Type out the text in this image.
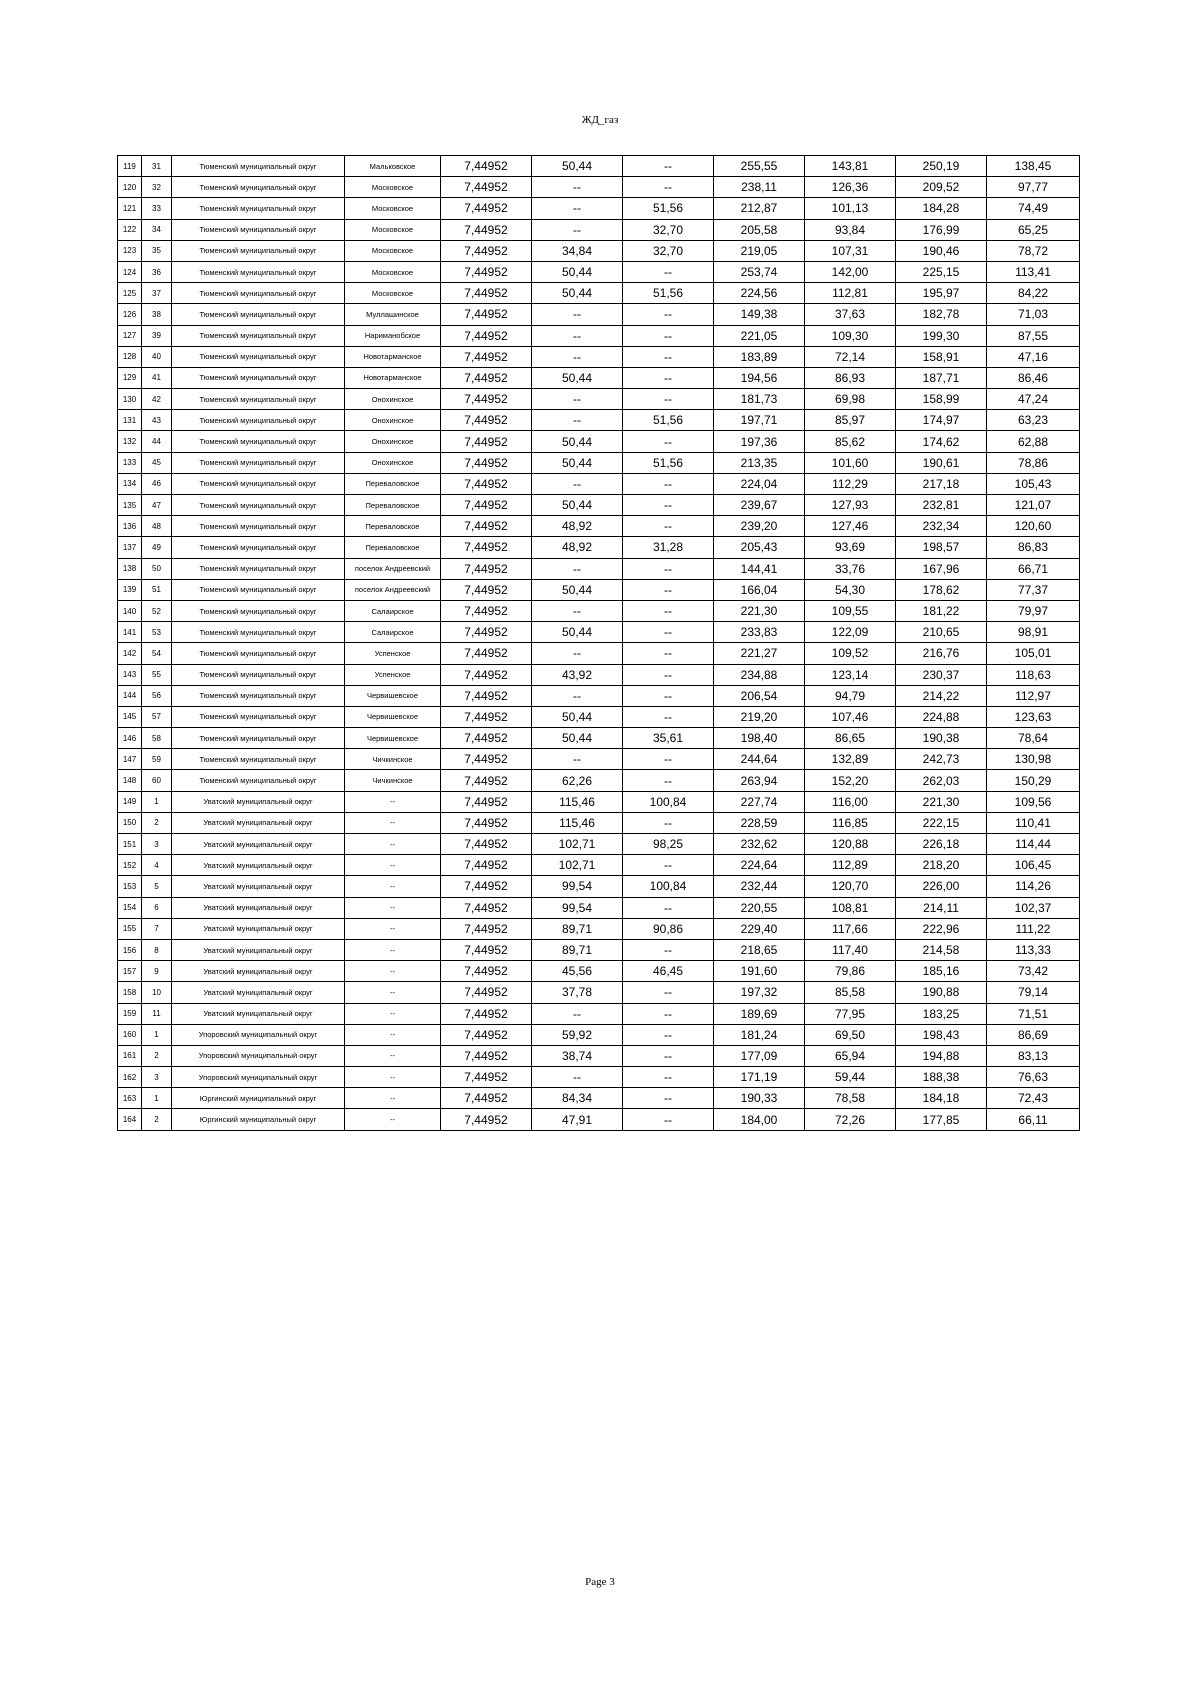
ЖД_газ
119	31	Тюменский муниципальный округ	Мальковское	7,44952	50,44	--	255,55	143,81	250,19	138,45
120	32	Тюменский муниципальный округ	Московское	7,44952	--	--	238,11	126,36	209,52	97,77
121	33	Тюменский муниципальный округ	Московское	7,44952	--	51,56	212,87	101,13	184,28	74,49
122	34	Тюменский муниципальный округ	Московское	7,44952	--	32,70	205,58	93,84	176,99	65,25
123	35	Тюменский муниципальный округ	Московское	7,44952	34,84	32,70	219,05	107,31	190,46	78,72
124	36	Тюменский муниципальный округ	Московское	7,44952	50,44	--	253,74	142,00	225,15	113,41
125	37	Тюменский муниципальный округ	Московское	7,44952	50,44	51,56	224,56	112,81	195,97	84,22
126	38	Тюменский муниципальный округ	Муллашинское	7,44952	--	--	149,38	37,63	182,78	71,03
127	39	Тюменский муниципальный округ	Нариманобское	7,44952	--	--	221,05	109,30	199,30	87,55
128	40	Тюменский муниципальный округ	Новотарманское	7,44952	--	--	183,89	72,14	158,91	47,16
129	41	Тюменский муниципальный округ	Новотарманское	7,44952	50,44	--	194,56	86,93	187,71	86,46
130	42	Тюменский муниципальный округ	Онохинское	7,44952	--	--	181,73	69,98	158,99	47,24
131	43	Тюменский муниципальный округ	Онохинское	7,44952	--	51,56	197,71	85,97	174,97	63,23
132	44	Тюменский муниципальный округ	Онохинское	7,44952	50,44	--	197,36	85,62	174,62	62,88
133	45	Тюменский муниципальный округ	Онохинское	7,44952	50,44	51,56	213,35	101,60	190,61	78,86
134	46	Тюменский муниципальный округ	Переваловское	7,44952	--	--	224,04	112,29	217,18	105,43
135	47	Тюменский муниципальный округ	Переваловское	7,44952	50,44	--	239,67	127,93	232,81	121,07
136	48	Тюменский муниципальный округ	Переваловское	7,44952	48,92	--	239,20	127,46	232,34	120,60
137	49	Тюменский муниципальный округ	Переваловское	7,44952	48,92	31,28	205,43	93,69	198,57	86,83
138	50	Тюменский муниципальный округ	поселок Андреевский	7,44952	--	--	144,41	33,76	167,96	66,71
139	51	Тюменский муниципальный округ	поселок Андреевский	7,44952	50,44	--	166,04	54,30	178,62	77,37
140	52	Тюменский муниципальный округ	Салаирское	7,44952	--	--	221,30	109,55	181,22	79,97
141	53	Тюменский муниципальный округ	Салаирское	7,44952	50,44	--	233,83	122,09	210,65	98,91
142	54	Тюменский муниципальный округ	Успенское	7,44952	--	--	221,27	109,52	216,76	105,01
143	55	Тюменский муниципальный округ	Успенское	7,44952	43,92	--	234,88	123,14	230,37	118,63
144	56	Тюменский муниципальный округ	Червишевское	7,44952	--	--	206,54	94,79	214,22	112,97
145	57	Тюменский муниципальный округ	Червишевское	7,44952	50,44	--	219,20	107,46	224,88	123,63
146	58	Тюменский муниципальный округ	Червишевское	7,44952	50,44	35,61	198,40	86,65	190,38	78,64
147	59	Тюменский муниципальный округ	Чичкинское	7,44952	--	--	244,64	132,89	242,73	130,98
148	60	Тюменский муниципальный округ	Чичкинское	7,44952	62,26	--	263,94	152,20	262,03	150,29
149	1	Уватский муниципальный округ	--	7,44952	115,46	100,84	227,74	116,00	221,30	109,56
150	2	Уватский муниципальный округ	--	7,44952	115,46	--	228,59	116,85	222,15	110,41
151	3	Уватский муниципальный округ	--	7,44952	102,71	98,25	232,62	120,88	226,18	114,44
152	4	Уватский муниципальный округ	--	7,44952	102,71	--	224,64	112,89	218,20	106,45
153	5	Уватский муниципальный округ	--	7,44952	99,54	100,84	232,44	120,70	226,00	114,26
154	6	Уватский муниципальный округ	--	7,44952	99,54	--	220,55	108,81	214,11	102,37
155	7	Уватский муниципальный округ	--	7,44952	89,71	90,86	229,40	117,66	222,96	111,22
156	8	Уватский муниципальный округ	--	7,44952	89,71	--	218,65	117,40	214,58	113,33
157	9	Уватский муниципальный округ	--	7,44952	45,56	46,45	191,60	79,86	185,16	73,42
158	10	Уватский муниципальный округ	--	7,44952	37,78	--	197,32	85,58	190,88	79,14
159	11	Уватский муниципальный округ	--	7,44952	--	--	189,69	77,95	183,25	71,51
160	1	Упоровский муниципальный округ	--	7,44952	59,92	--	181,24	69,50	198,43	86,69
161	2	Упоровский муниципальный округ	--	7,44952	38,74	--	177,09	65,94	194,88	83,13
162	3	Упоровский муниципальный округ	--	7,44952	--	--	171,19	59,44	188,38	76,63
163	1	Юргинский муниципальный округ	--	7,44952	84,34	--	190,33	78,58	184,18	72,43
164	2	Юргинский муниципальный округ	--	7,44952	47,91	--	184,00	72,26	177,85	66,11
Page 3
